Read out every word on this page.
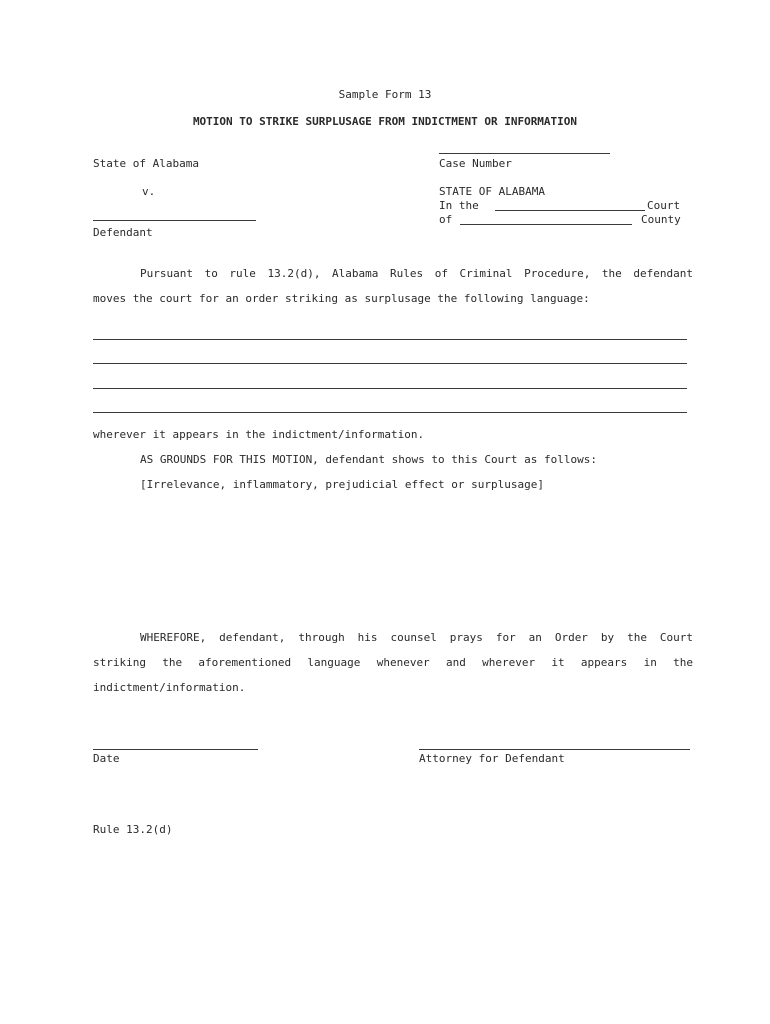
Sample Form 13
MOTION TO STRIKE SURPLUSAGE FROM INDICTMENT OR INFORMATION
State of Alabama
v.
Defendant
Case Number
STATE OF ALABAMA
In the	Court
of	County
Pursuant to rule 13.2(d), Alabama Rules of Criminal Procedure, the defendant
moves the court for an order striking as surplusage the following language:
wherever it appears in the indictment/information.
AS GROUNDS FOR THIS MOTION, defendant shows to this Court as follows:
[Irrelevance, inflammatory, prejudicial effect or surplusage]
WHEREFORE, defendant, through his counsel prays for an Order by the Court
striking the aforementioned language whenever and wherever it appears in the
indictment/information.
Date	Attorney for Defendant
Rule 13.2(d)
